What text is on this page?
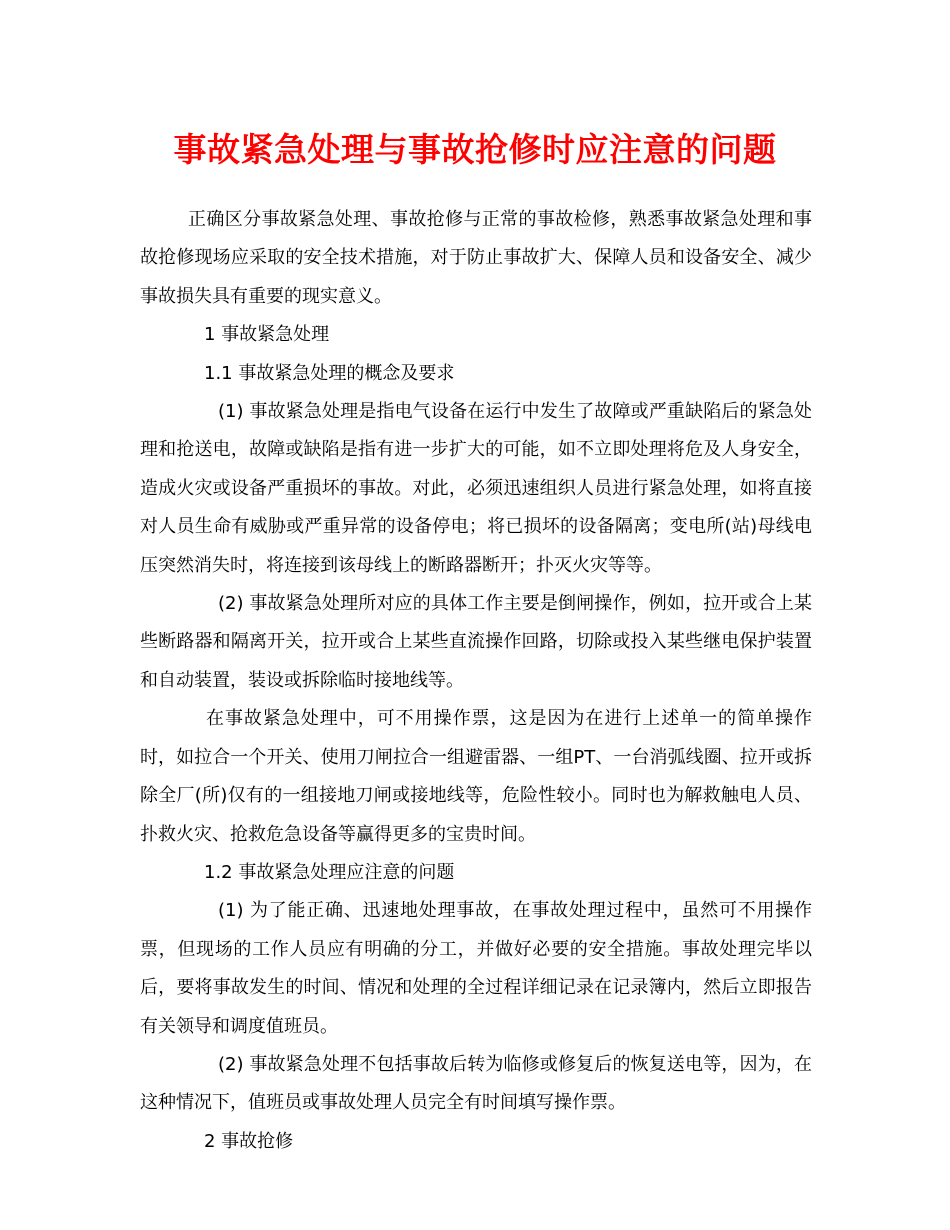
事故紧急处理与事故抢修时应注意的问题

正确区分事故紧急处理、事故抢修与正常的事故检修，熟悉事故紧急处理和事故抢修现场应采取的安全技术措施，对于防止事故扩大、保障人员和设备安全、减少事故损失具有重要的现实意义。

1 事故紧急处理

1.1 事故紧急处理的概念及要求

(1) 事故紧急处理是指电气设备在运行中发生了故障或严重缺陷后的紧急处理和抢送电，故障或缺陷是指有进一步扩大的可能，如不立即处理将危及人身安全，造成火灾或设备严重损坏的事故。对此，必须迅速组织人员进行紧急处理，如将直接对人员生命有威胁或严重异常的设备停电；将已损坏的设备隔离；变电所(站)母线电压突然消失时，将连接到该母线上的断路器断开；扑灭火灾等等。

(2) 事故紧急处理所对应的具体工作主要是倒闸操作，例如，拉开或合上某些断路器和隔离开关，拉开或合上某些直流操作回路，切除或投入某些继电保护装置和自动装置，装设或拆除临时接地线等。

在事故紧急处理中，可不用操作票，这是因为在进行上述单一的简单操作时，如拉合一个开关、使用刀闸拉合一组避雷器、一组PT、一台消弧线圈、拉开或拆除全厂(所)仅有的一组接地刀闸或接地线等，危险性较小。同时也为解救触电人员、扑救火灾、抢救危急设备等赢得更多的宝贵时间。

1.2 事故紧急处理应注意的问题

(1) 为了能正确、迅速地处理事故，在事故处理过程中，虽然可不用操作票，但现场的工作人员应有明确的分工，并做好必要的安全措施。事故处理完毕以后，要将事故发生的时间、情况和处理的全过程详细记录在记录簿内，然后立即报告有关领导和调度值班员。

(2) 事故紧急处理不包括事故后转为临修或修复后的恢复送电等，因为，在这种情况下，值班员或事故处理人员完全有时间填写操作票。

2 事故抢修
